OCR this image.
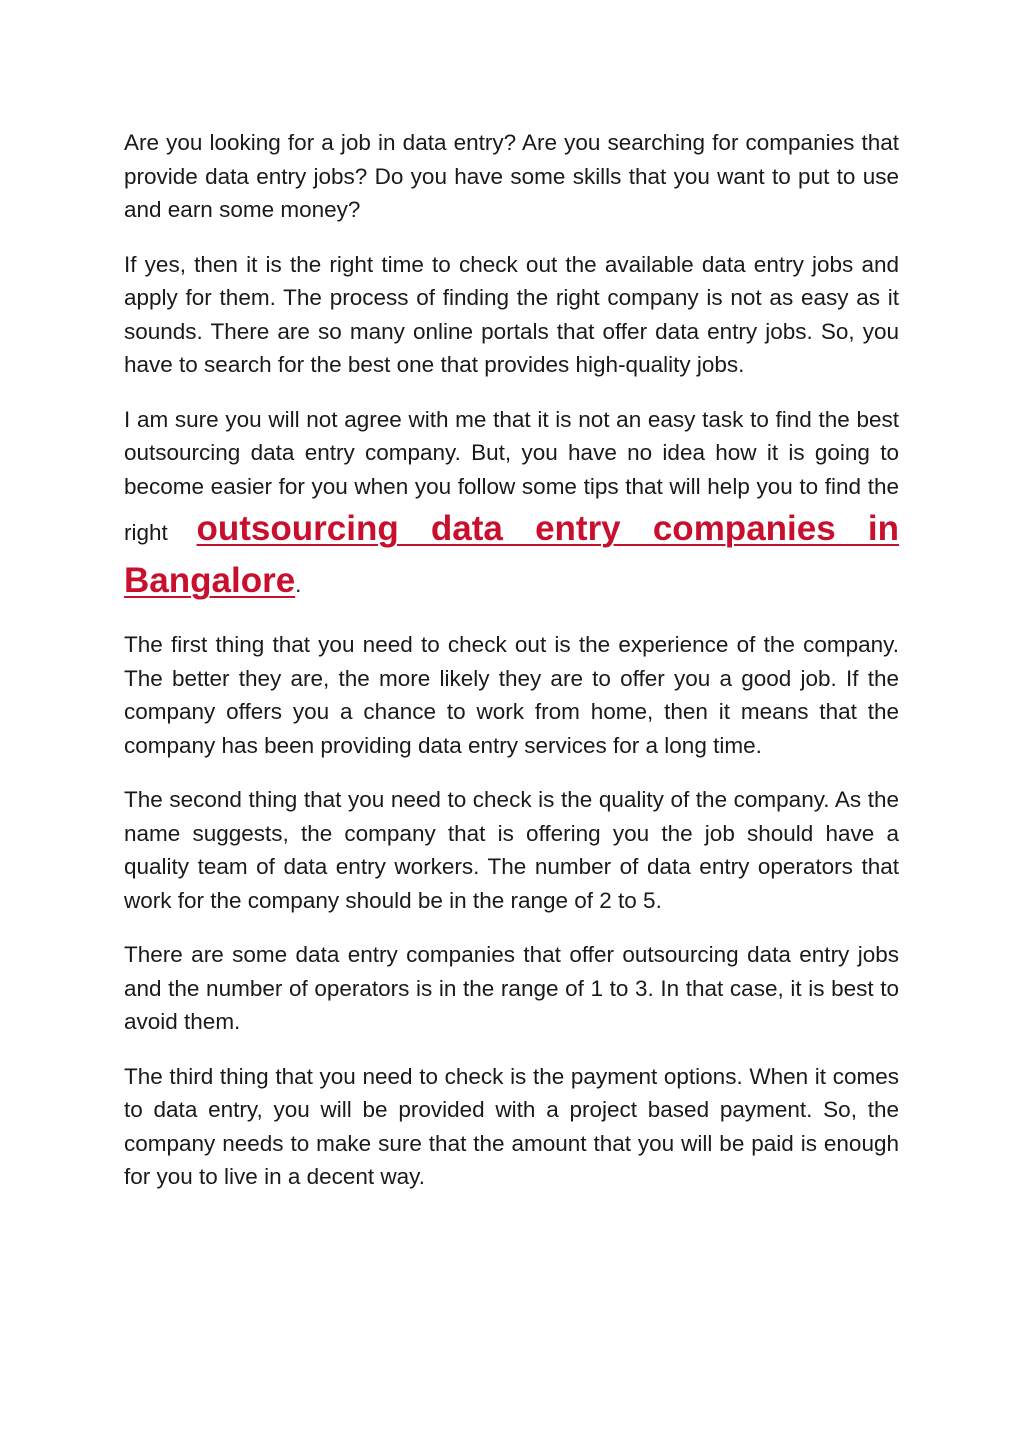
Are you looking for a job in data entry? Are you searching for companies that provide data entry jobs? Do you have some skills that you want to put to use and earn some money?

If yes, then it is the right time to check out the available data entry jobs and apply for them. The process of finding the right company is not as easy as it sounds. There are so many online portals that offer data entry jobs. So, you have to search for the best one that provides high-quality jobs.

I am sure you will not agree with me that it is not an easy task to find the best outsourcing data entry company. But, you have no idea how it is going to become easier for you when you follow some tips that will help you to find the right outsourcing data entry companies in Bangalore.

The first thing that you need to check out is the experience of the company. The better they are, the more likely they are to offer you a good job. If the company offers you a chance to work from home, then it means that the company has been providing data entry services for a long time.

The second thing that you need to check is the quality of the company. As the name suggests, the company that is offering you the job should have a quality team of data entry workers. The number of data entry operators that work for the company should be in the range of 2 to 5.

There are some data entry companies that offer outsourcing data entry jobs and the number of operators is in the range of 1 to 3. In that case, it is best to avoid them.

The third thing that you need to check is the payment options. When it comes to data entry, you will be provided with a project based payment. So, the company needs to make sure that the amount that you will be paid is enough for you to live in a decent way.
